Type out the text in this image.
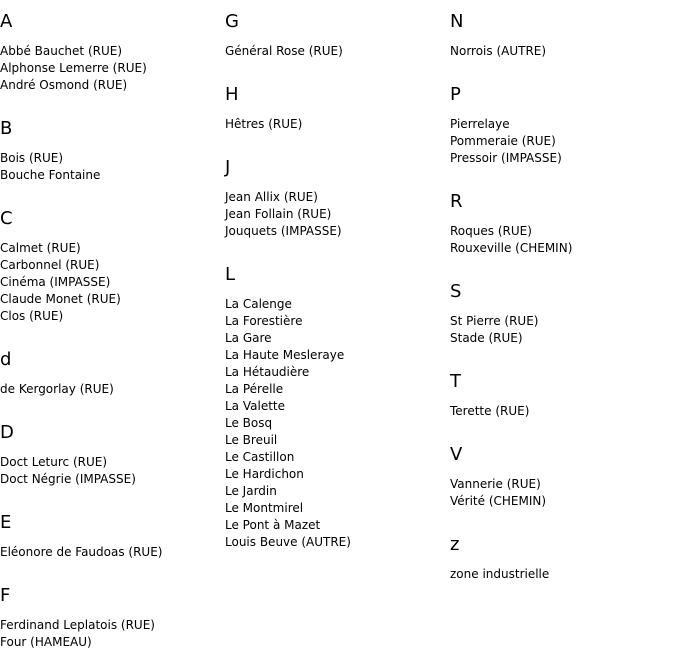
A
Abbé Bauchet (RUE)
Alphonse Lemerre (RUE)
André Osmond (RUE)
B
Bois (RUE)
Bouche Fontaine
C
Calmet (RUE)
Carbonnel (RUE)
Cinéma (IMPASSE)
Claude Monet (RUE)
Clos (RUE)
d
de Kergorlay (RUE)
D
Doct Leturc (RUE)
Doct Négrie (IMPASSE)
E
Eléonore de Faudoas (RUE)
F
Ferdinand Leplatois (RUE)
Four (HAMEAU)
G
Général Rose (RUE)
H
Hêtres (RUE)
J
Jean Allix (RUE)
Jean Follain (RUE)
Jouquets (IMPASSE)
L
La Calenge
La Forestière
La Gare
La Haute Mesleraye
La Hétaudière
La Pérelle
La Valette
Le Bosq
Le Breuil
Le Castillon
Le Hardichon
Le Jardin
Le Montmirel
Le Pont à Mazet
Louis Beuve (AUTRE)
N
Norrois (AUTRE)
P
Pierrelaye
Pommeraie (RUE)
Pressoir (IMPASSE)
R
Roques (RUE)
Rouxeville (CHEMIN)
S
St Pierre (RUE)
Stade (RUE)
T
Terette (RUE)
V
Vannerie (RUE)
Vérité (CHEMIN)
z
zone industrielle
